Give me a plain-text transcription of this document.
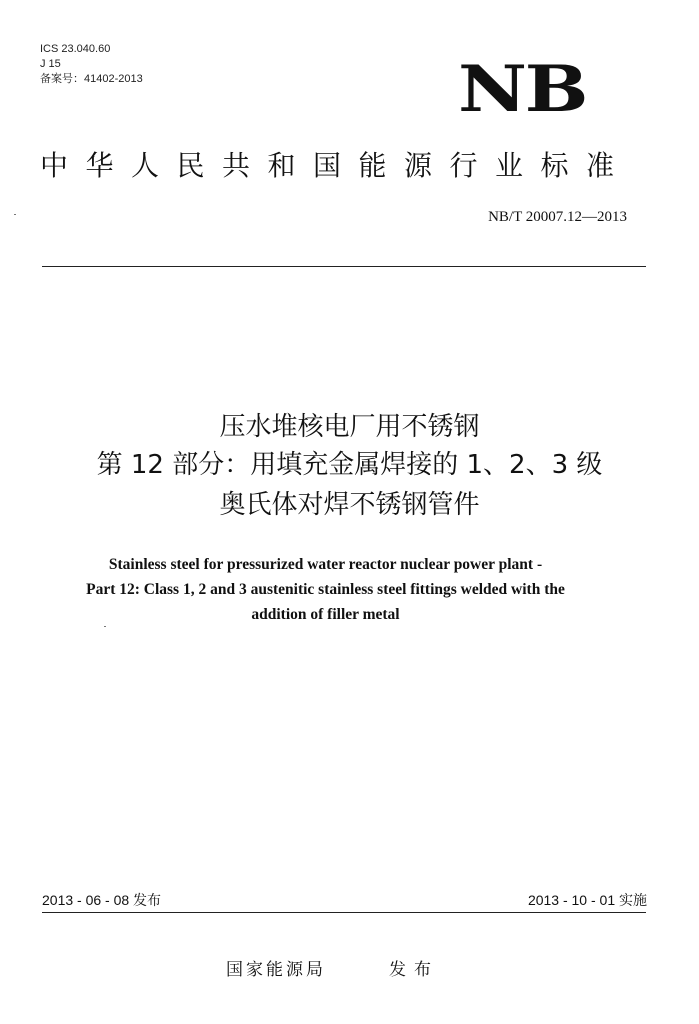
ICS 23.040.60
J 15
备案号：41402-2013	NB
中华人民共和国能源行业标准
NB/T 20007.12—2013
压水堆核电厂用不锈钢
第 12 部分：用填充金属焊接的 1、2、3 级
奥氏体对焊不锈钢管件
Stainless steel for pressurized water reactor nuclear power plant -
Part 12: Class 1, 2 and 3 austenitic stainless steel fittings welded with the
addition of filler metal
2013 - 06 - 08 发布	2013 - 10 - 01 实施
国家能源局	发布
